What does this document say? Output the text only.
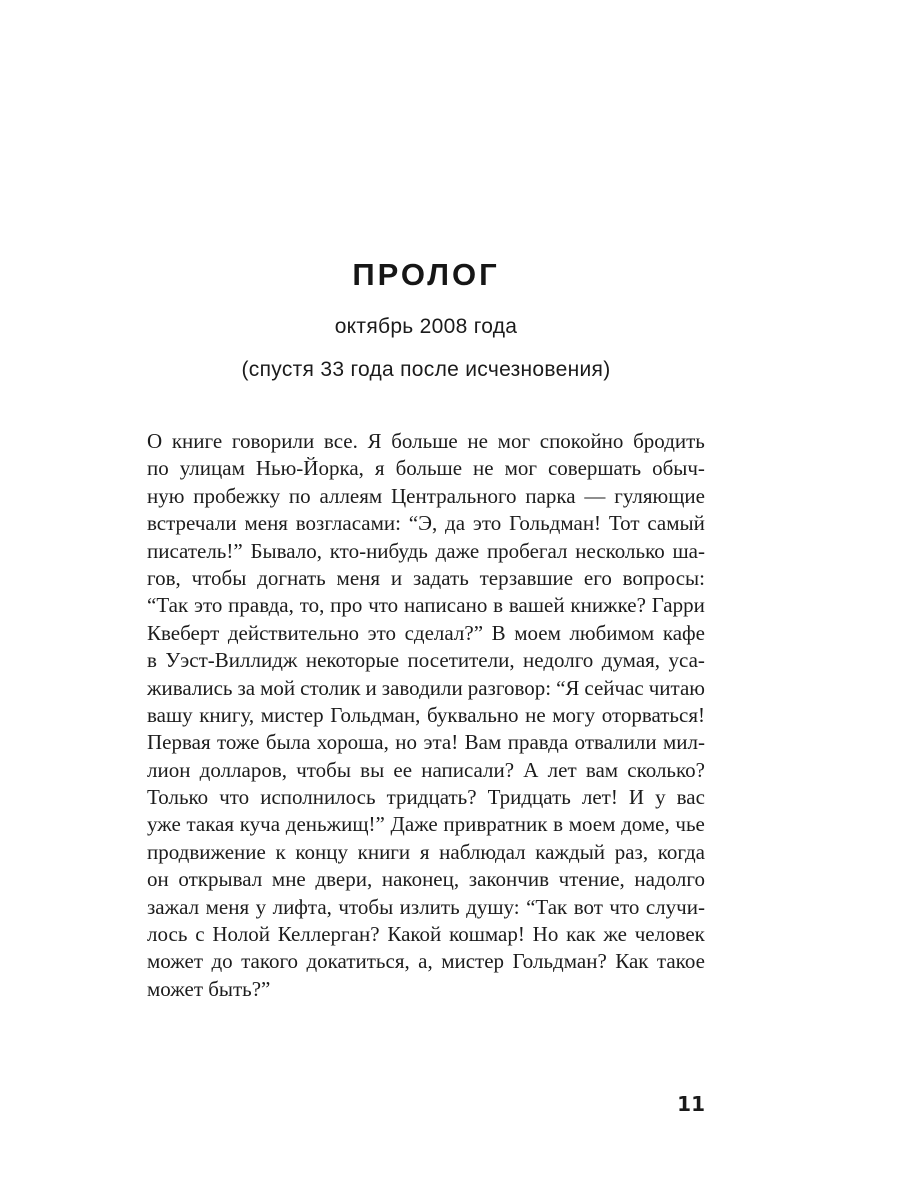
ПРОЛОГ
октябрь 2008 года
(спустя 33 года после исчезновения)
О книге говорили все. Я больше не мог спокойно бродить
по улицам Нью-Йорка, я больше не мог совершать обыч-
ную пробежку по аллеям Центрального парка — гуляющие
встречали меня возгласами: “Э, да это Гольдман! Тот самый
писатель!” Бывало, кто-нибудь даже пробегал несколько ша-
гов, чтобы догнать меня и задать терзавшие его вопросы:
“Так это правда, то, про что написано в вашей книжке? Гарри
Квеберт действительно это сделал?” В моем любимом кафе
в Уэст-Виллидж некоторые посетители, недолго думая, уса-
живались за мой столик и заводили разговор: “Я сейчас читаю
вашу книгу, мистер Гольдман, буквально не могу оторваться!
Первая тоже была хороша, но эта! Вам правда отвалили мил-
лион долларов, чтобы вы ее написали? А лет вам сколько?
Только что исполнилось тридцать? Тридцать лет! И у вас
уже такая куча деньжищ!” Даже привратник в моем доме, чье
продвижение к концу книги я наблюдал каждый раз, когда
он открывал мне двери, наконец, закончив чтение, надолго
зажал меня у лифта, чтобы излить душу: “Так вот что случи-
лось с Нолой Келлерган? Какой кошмар! Но как же человек
может до такого докатиться, а, мистер Гольдман? Как такое
может быть?”
11
